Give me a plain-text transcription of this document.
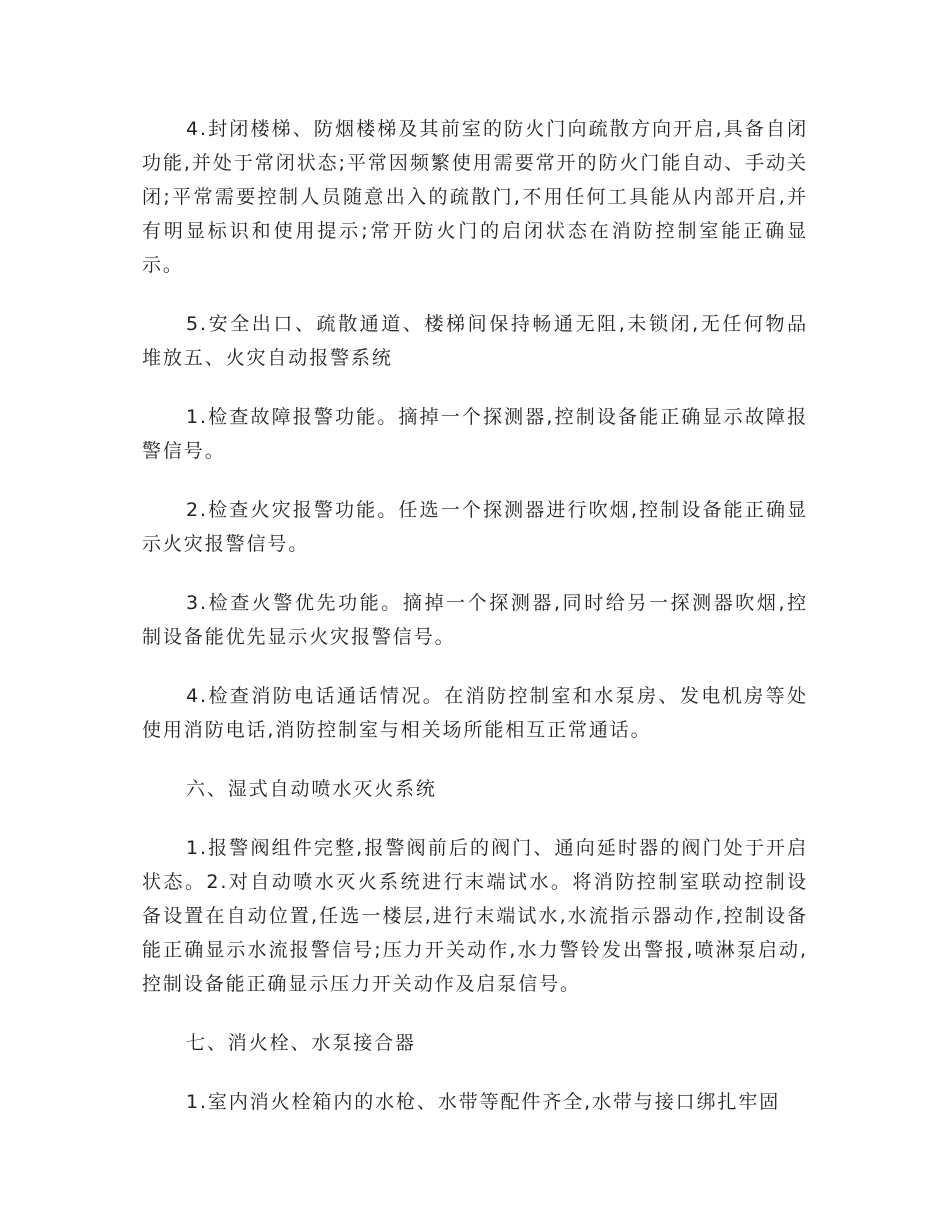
4.封闭楼梯、防烟楼梯及其前室的防火门向疏散方向开启,具备自闭功能,并处于常闭状态;平常因频繁使用需要常开的防火门能自动、手动关闭;平常需要控制人员随意出入的疏散门,不用任何工具能从内部开启,并有明显标识和使用提示;常开防火门的启闭状态在消防控制室能正确显示。

5.安全出口、疏散通道、楼梯间保持畅通无阻,未锁闭,无任何物品堆放五、火灾自动报警系统

1.检查故障报警功能。摘掉一个探测器,控制设备能正确显示故障报警信号。

2.检查火灾报警功能。任选一个探测器进行吹烟,控制设备能正确显示火灾报警信号。

3.检查火警优先功能。摘掉一个探测器,同时给另一探测器吹烟,控制设备能优先显示火灾报警信号。

4.检查消防电话通话情况。在消防控制室和水泵房、发电机房等处使用消防电话,消防控制室与相关场所能相互正常通话。

六、湿式自动喷水灭火系统

1.报警阀组件完整,报警阀前后的阀门、通向延时器的阀门处于开启状态。2.对自动喷水灭火系统进行末端试水。将消防控制室联动控制设备设置在自动位置,任选一楼层,进行末端试水,水流指示器动作,控制设备能正确显示水流报警信号;压力开关动作,水力警铃发出警报,喷淋泵启动,控制设备能正确显示压力开关动作及启泵信号。

七、消火栓、水泵接合器

1.室内消火栓箱内的水枪、水带等配件齐全,水带与接口绑扎牢固
